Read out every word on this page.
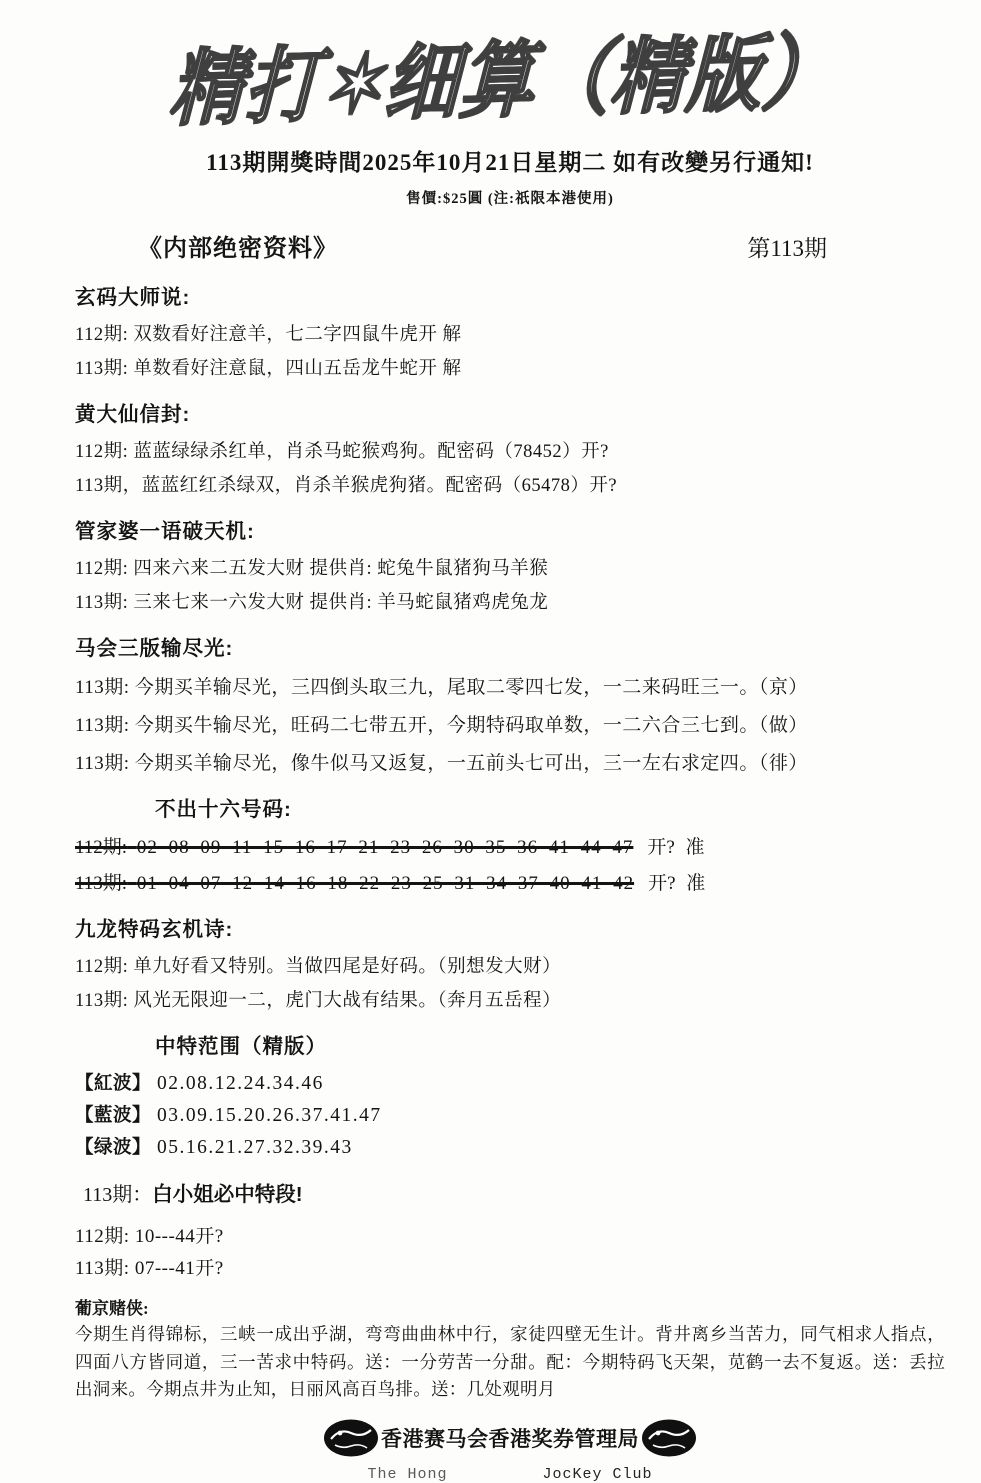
精打✶细算（精版）
113期開獎時間2025年10月21日星期二 如有改變另行通知!
售價:$25圓 (注:祇限本港使用)
《内部绝密资料》	第113期
玄码大师说:
112期: 双数看好注意羊，七二字四鼠牛虎开 解
113期: 单数看好注意鼠，四山五岳龙牛蛇开 解
黄大仙信封:
112期: 蓝蓝绿绿杀红单，肖杀马蛇猴鸡狗。配密码（78452）开?
113期，蓝蓝红红杀绿双，肖杀羊猴虎狗猪。配密码（65478）开?
管家婆一语破天机:
112期: 四来六来二五发大财 提供肖: 蛇兔牛鼠猪狗马羊猴
113期: 三来七来一六发大财 提供肖: 羊马蛇鼠猪鸡虎兔龙
马会三版输尽光:
113期: 今期买羊输尽光，三四倒头取三九，尾取二零四七发，一二来码旺三一。（京）
113期: 今期买牛输尽光，旺码二七带五开，今期特码取单数，一二六合三七到。（做）
113期: 今期买羊输尽光，像牛似马又返复，一五前头七可出，三一左右求定四。（徘）
不出十六号码:
112期: 02 08 09 11 15 16 17 21 23 26 30 35 36 41 44 47 开? 准
113期: 01 04 07 12 14 16 18 22 23 25 31 34 37 40 41 42 开? 准
九龙特码玄机诗:
112期: 单九好看又特别。当做四尾是好码。（别想发大财）
113期: 风光无限迎一二，虎门大战有结果。（奔月五岳程）
中特范围（精版）
【紅波】 02.08.12.24.34.46
【藍波】 03.09.15.20.26.37.41.47
【绿波】 05.16.21.27.32.39.43
113期：白小姐必中特段!
112期: 10---44开?
113期: 07---41开?
葡京赌侠:
今期生肖得锦标，三峡一成出乎湖，弯弯曲曲林中行，家徒四壁无生计。背井离乡当苦力，同气相求人指点，四面八方皆同道，三一苦求中特码。送：一分劳苦一分甜。配：今期特码飞天架，苋鹤一去不复返。送：丢拉出洞来。今期点井为止知，日丽风高百鸟排。送：几处观明月
香港赛马会香港奖券管理局
The Hong	JocKey Club
